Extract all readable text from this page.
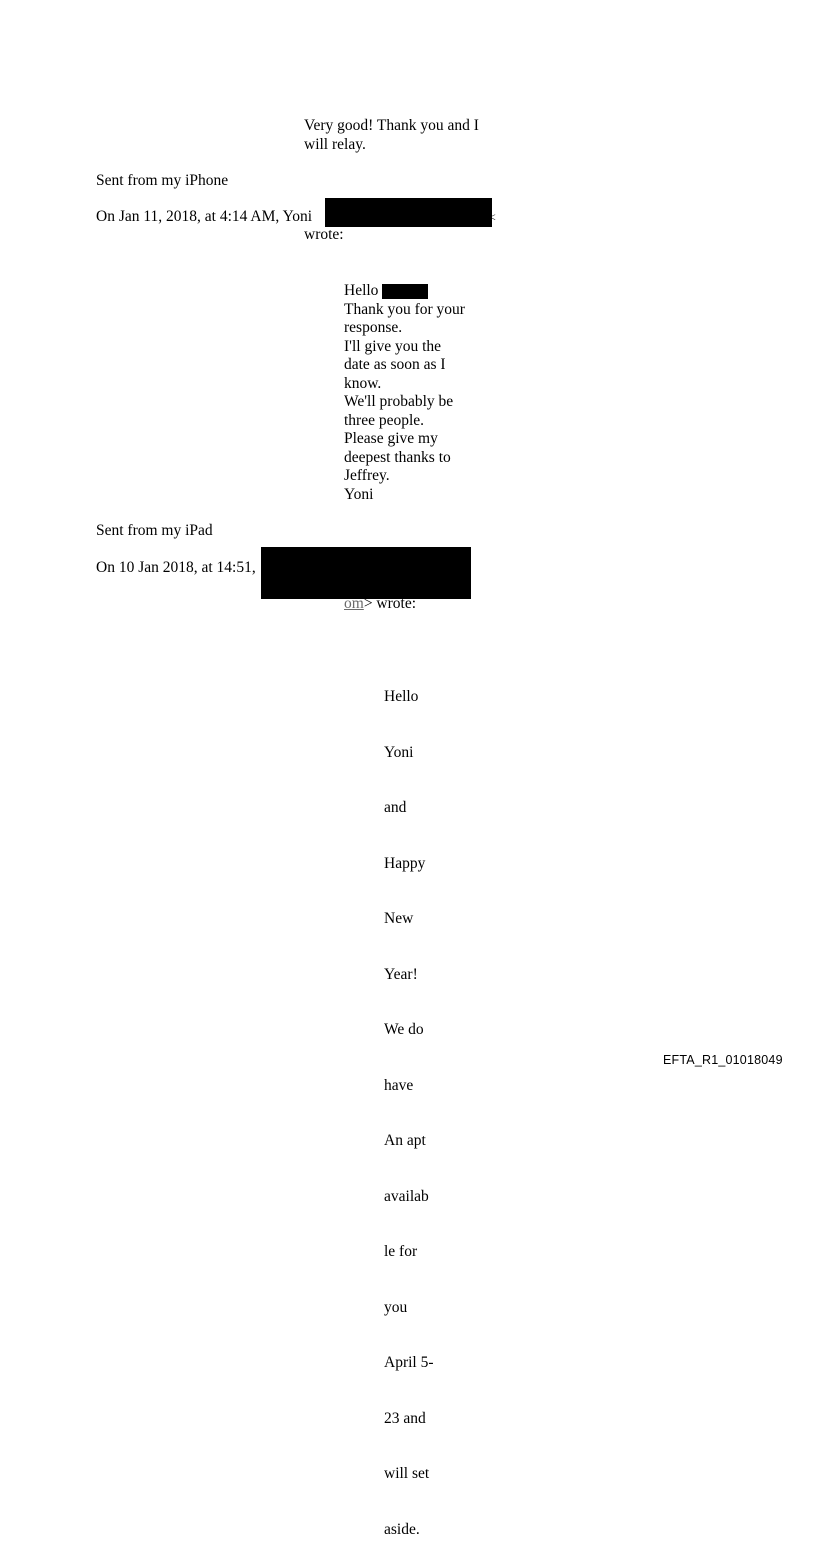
Very good! Thank you and I
will relay.
Sent from my iPhone
On Jan 11, 2018, at 4:14 AM, Yoni	<
wrote:
Hello
Thank you for your
response.
I'll give you the
date as soon as I
know.
We'll probably be
three people.
Please give my
deepest thanks to
Jeffrey.
Yoni
Sent from my iPad
On 10 Jan 2018, at 14:51,
om> wrote:

Hello

Yoni

and

Happy

New

Year!

We do

have

An apt

availab

le for

you

April 5-

23 and

will set

aside.

EFTA_R1_01018049
